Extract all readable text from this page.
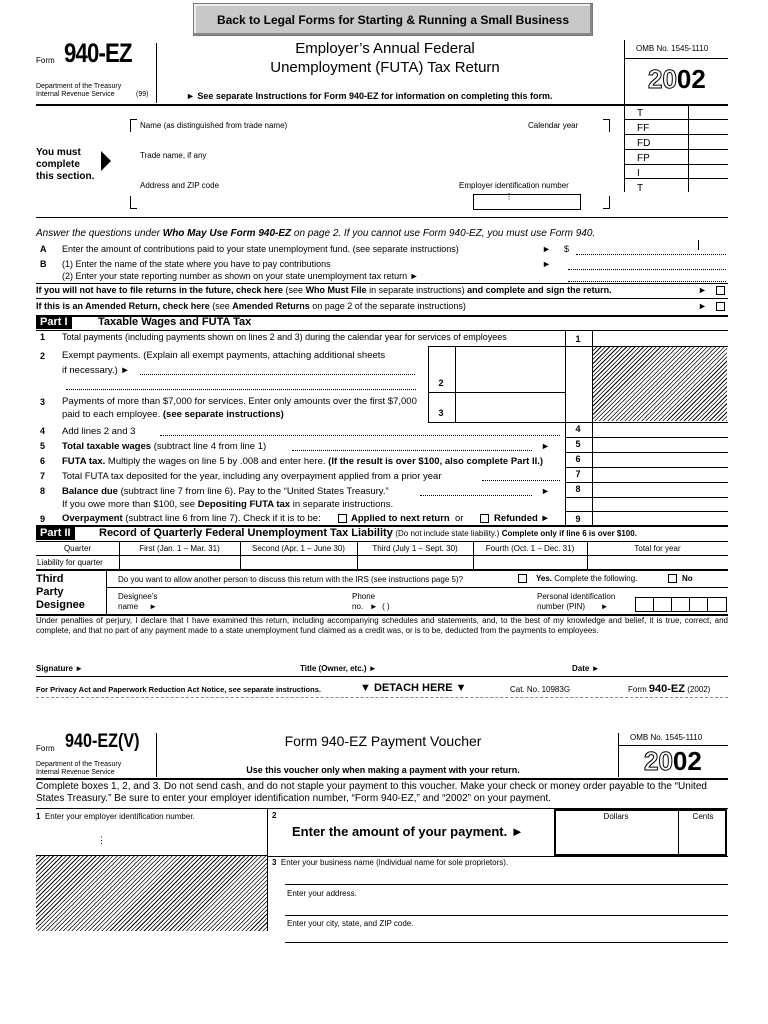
Back to Legal Forms for Starting & Running a Small Business
Form 940-EZ
Department of the Treasury
Internal Revenue Service	(99)
Employer’s Annual Federal
Unemployment (FUTA) Tax Return
► See separate Instructions for Form 940-EZ for information on completing this form.
OMB No. 1545-1110
2002
T
FF
FD
FP
I
T
You must
complete
this section.
Name (as distinguished from trade name)	Calendar year
Trade name, if any
Address and ZIP code	Employer identification number
⋮
Answer the questions under Who May Use Form 940-EZ on page 2. If you cannot use Form 940-EZ, you must use Form 940.
A Enter the amount of contributions paid to your state unemployment fund. (see separate instructions)	► $
B (1) Enter the name of the state where you have to pay contributions	►
(2) Enter your state reporting number as shown on your state unemployment tax return ►
If you will not have to file returns in the future, check here (see Who Must File in separate instructions) and complete and sign the return.	►
If this is an Amended Return, check here (see Amended Returns on page 2 of the separate instructions)	►
Part I	Taxable Wages and FUTA Tax
1 Total payments (including payments shown on lines 2 and 3) during the calendar year for services of employees	1
2 Exempt payments. (Explain all exempt payments, attaching additional sheets
if necessary.) ►
2
3 Payments of more than $7,000 for services. Enter only amounts over the first $7,000
paid to each employee. (see separate instructions)	3
4 Add lines 2 and 3	4
5 Total taxable wages (subtract line 4 from line 1)	►	5
6 FUTA tax. Multiply the wages on line 5 by .008 and enter here. (If the result is over $100, also complete Part II.)	6
7 Total FUTA tax deposited for the year, including any overpayment applied from a prior year	7
8 Balance due (subtract line 7 from line 6). Pay to the “United States Treasury.”	►
If you owe more than $100, see Depositing FUTA tax in separate instructions.
8
9 Overpayment (subtract line 6 from line 7). Check if it is to be:	Applied to next return or	Refunded ►	9
Part II	Record of Quarterly Federal Unemployment Tax Liability (Do not include state liability.) Complete only if line 6 is over $100.
Quarter	First (Jan. 1 – Mar. 31)	Second (Apr. 1 – June 30)	Third (July 1 – Sept. 30)	Fourth (Oct. 1 – Dec. 31)	Total for year
Liability for quarter
Third
Party
Designee
Do you want to allow another person to discuss this return with the IRS (see instructions page 5)?	Yes. Complete the following.	No
Designee’s
name     ►
Phone
no.   ►  ( )
Personal identification
number (PIN)       ►
Under penalties of perjury, I declare that I have examined this return, including accompanying schedules and statements, and, to the best of my knowledge and belief, it is true, correct, and complete, and that no part of any payment made to a state unemployment fund claimed as a credit was, or is to be, deducted from the payments to employees.
Signature ►	Title (Owner, etc.) ►	Date ►
For Privacy Act and Paperwork Reduction Act Notice, see separate instructions.	▼ DETACH HERE ▼	Cat. No. 10983G	Form 940-EZ (2002)
Form 940-EZ(V)
Department of the Treasury
Internal Revenue Service
Form 940-EZ Payment Voucher
Use this voucher only when making a payment with your return.
OMB No. 1545-1110
2002
Complete boxes 1, 2, and 3. Do not send cash, and do not staple your payment to this voucher. Make your check or money order payable to the “United States Treasury.” Be sure to enter your employer identification number, “Form 940-EZ,” and “2002” on your payment.
1 Enter your employer identification number.
⋮
2
Enter the amount of your payment. ►
Dollars	Cents
3 Enter your business name (individual name for sole proprietors).
Enter your address.
Enter your city, state, and ZIP code.
